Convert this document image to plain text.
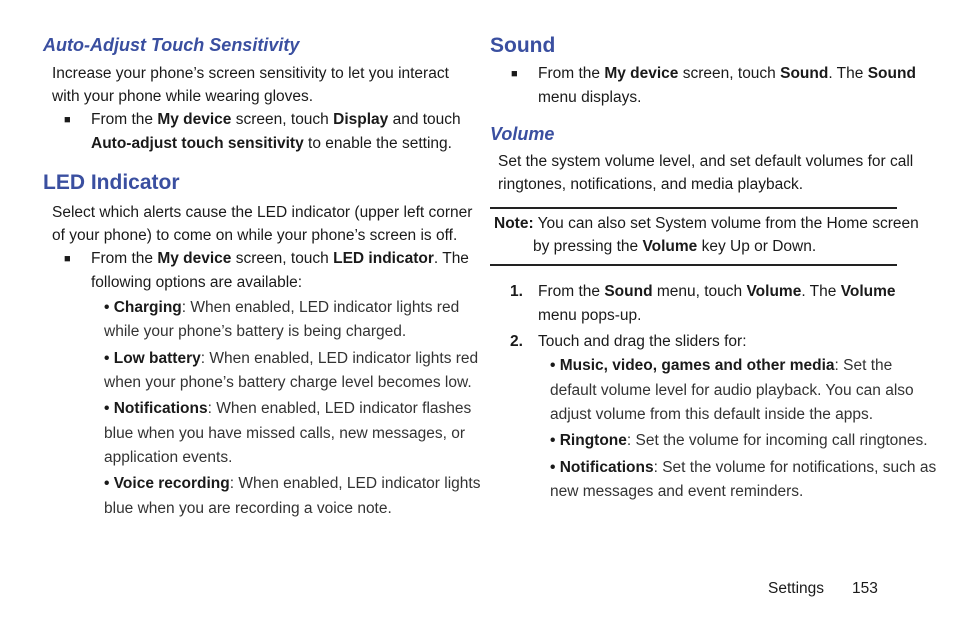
Auto-Adjust Touch Sensitivity
Increase your phone’s screen sensitivity to let you interact
with your phone while wearing gloves.
■ From the My device screen, touch Display and touch
Auto-adjust touch sensitivity to enable the setting.
LED Indicator
Select which alerts cause the LED indicator (upper left corner
of your phone) to come on while your phone’s screen is off.
■ From the My device screen, touch LED indicator. The
following options are available:
• Charging: When enabled, LED indicator lights red
while your phone’s battery is being charged.
• Low battery: When enabled, LED indicator lights red
when your phone’s battery charge level becomes low.
• Notifications: When enabled, LED indicator flashes
blue when you have missed calls, new messages, or
application events.
• Voice recording: When enabled, LED indicator lights
blue when you are recording a voice note.
Sound
■ From the My device screen, touch Sound. The Sound
menu displays.
Volume
Set the system volume level, and set default volumes for call
ringtones, notifications, and media playback.
Note: You can also set System volume from the Home screen
by pressing the Volume key Up or Down.
1. From the Sound menu, touch Volume. The Volume
menu pops-up.
2. Touch and drag the sliders for:
• Music, video, games and other media: Set the
default volume level for audio playback. You can also
adjust volume from this default inside the apps.
• Ringtone: Set the volume for incoming call ringtones.
• Notifications: Set the volume for notifications, such as
new messages and event reminders.
Settings 153
